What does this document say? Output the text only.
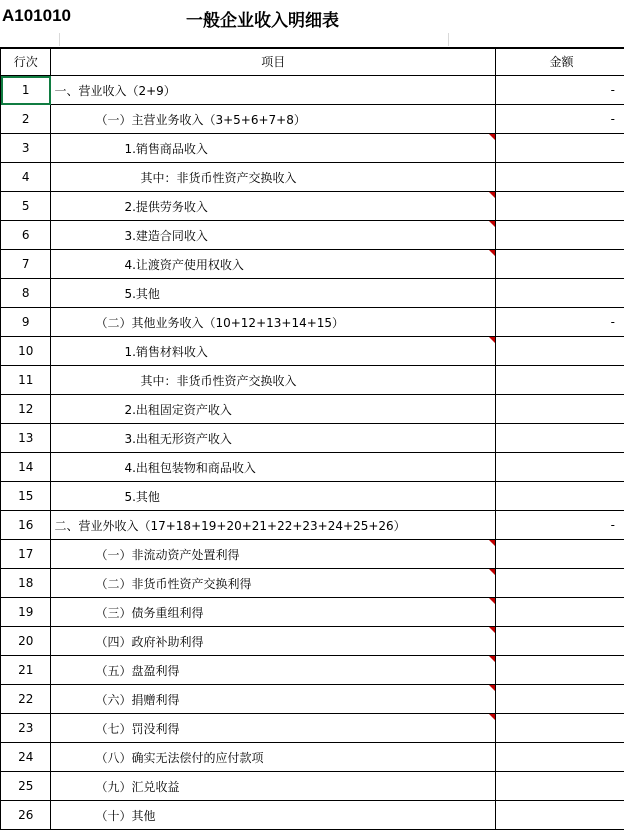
A101010	一般企业收入明细表
行次	项目	金额
1	一、营业收入（2+9）	-
2	（一）主营业务收入（3+5+6+7+8）	-
3	1.销售商品收入

4	其中：非货币性资产交换收入	
5	2.提供劳务收入

6	3.建造合同收入

7	4.让渡资产使用权收入

8	5.其他	
9	（二）其他业务收入（10+12+13+14+15）	-
10	1.销售材料收入

11	其中：非货币性资产交换收入	
12	2.出租固定资产收入	
13	3.出租无形资产收入	
14	4.出租包装物和商品收入	
15	5.其他	
16	二、营业外收入（17+18+19+20+21+22+23+24+25+26）	-
17	（一）非流动资产处置利得

18	（二）非货币性资产交换利得

19	（三）债务重组利得

20	（四）政府补助利得

21	（五）盘盈利得

22	（六）捐赠利得

23	（七）罚没利得

24	（八）确实无法偿付的应付款项	
25	（九）汇兑收益	
26	（十）其他	
